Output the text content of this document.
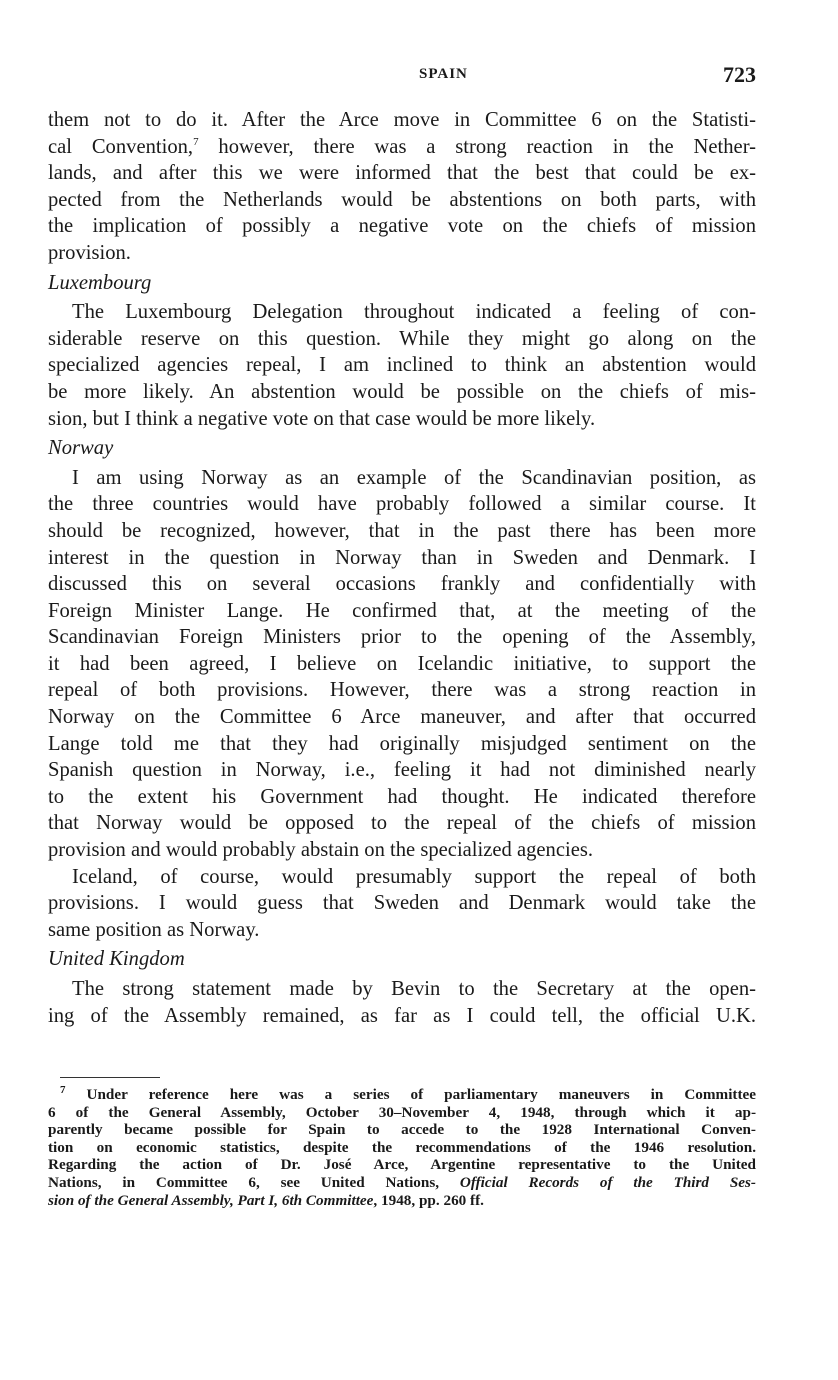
SPAIN	723
them not to do it. After the Arce move in Committee 6 on the Statisti-
cal Convention,$^7$ however, there was a strong reaction in the Nether-
lands, and after this we were informed that the best that could be ex-
pected from the Netherlands would be abstentions on both parts, with
the implication of possibly a negative vote on the chiefs of mission
provision.
Luxembourg
The Luxembourg Delegation throughout indicated a feeling of con-
siderable reserve on this question. While they might go along on the
specialized agencies repeal, I am inclined to think an abstention would
be more likely. An abstention would be possible on the chiefs of mis-
sion, but I think a negative vote on that case would be more likely.
Norway
I am using Norway as an example of the Scandinavian position, as
the three countries would have probably followed a similar course. It
should be recognized, however, that in the past there has been more
interest in the question in Norway than in Sweden and Denmark. I
discussed this on several occasions frankly and confidentially with
Foreign Minister Lange. He confirmed that, at the meeting of the
Scandinavian Foreign Ministers prior to the opening of the Assembly,
it had been agreed, I believe on Icelandic initiative, to support the
repeal of both provisions. However, there was a strong reaction in
Norway on the Committee 6 Arce maneuver, and after that occurred
Lange told me that they had originally misjudged sentiment on the
Spanish question in Norway, i.e., feeling it had not diminished nearly
to the extent his Government had thought. He indicated therefore
that Norway would be opposed to the repeal of the chiefs of mission
provision and would probably abstain on the specialized agencies.
Iceland, of course, would presumably support the repeal of both
provisions. I would guess that Sweden and Denmark would take the
same position as Norway.
United Kingdom
The strong statement made by Bevin to the Secretary at the open-
ing of the Assembly remained, as far as I could tell, the official U.K.
$^7$ Under reference here was a series of parliamentary maneuvers in Committee
6 of the General Assembly, October 30–November 4, 1948, through which it ap-
parently became possible for Spain to accede to the 1928 International Conven-
tion on economic statistics, despite the recommendations of the 1946 resolution.
Regarding the action of Dr. José Arce, Argentine representative to the United
Nations, in Committee 6, see United Nations, Official Records of the Third Ses-
sion of the General Assembly, Part I, 6th Committee, 1948, pp. 260 ff.
